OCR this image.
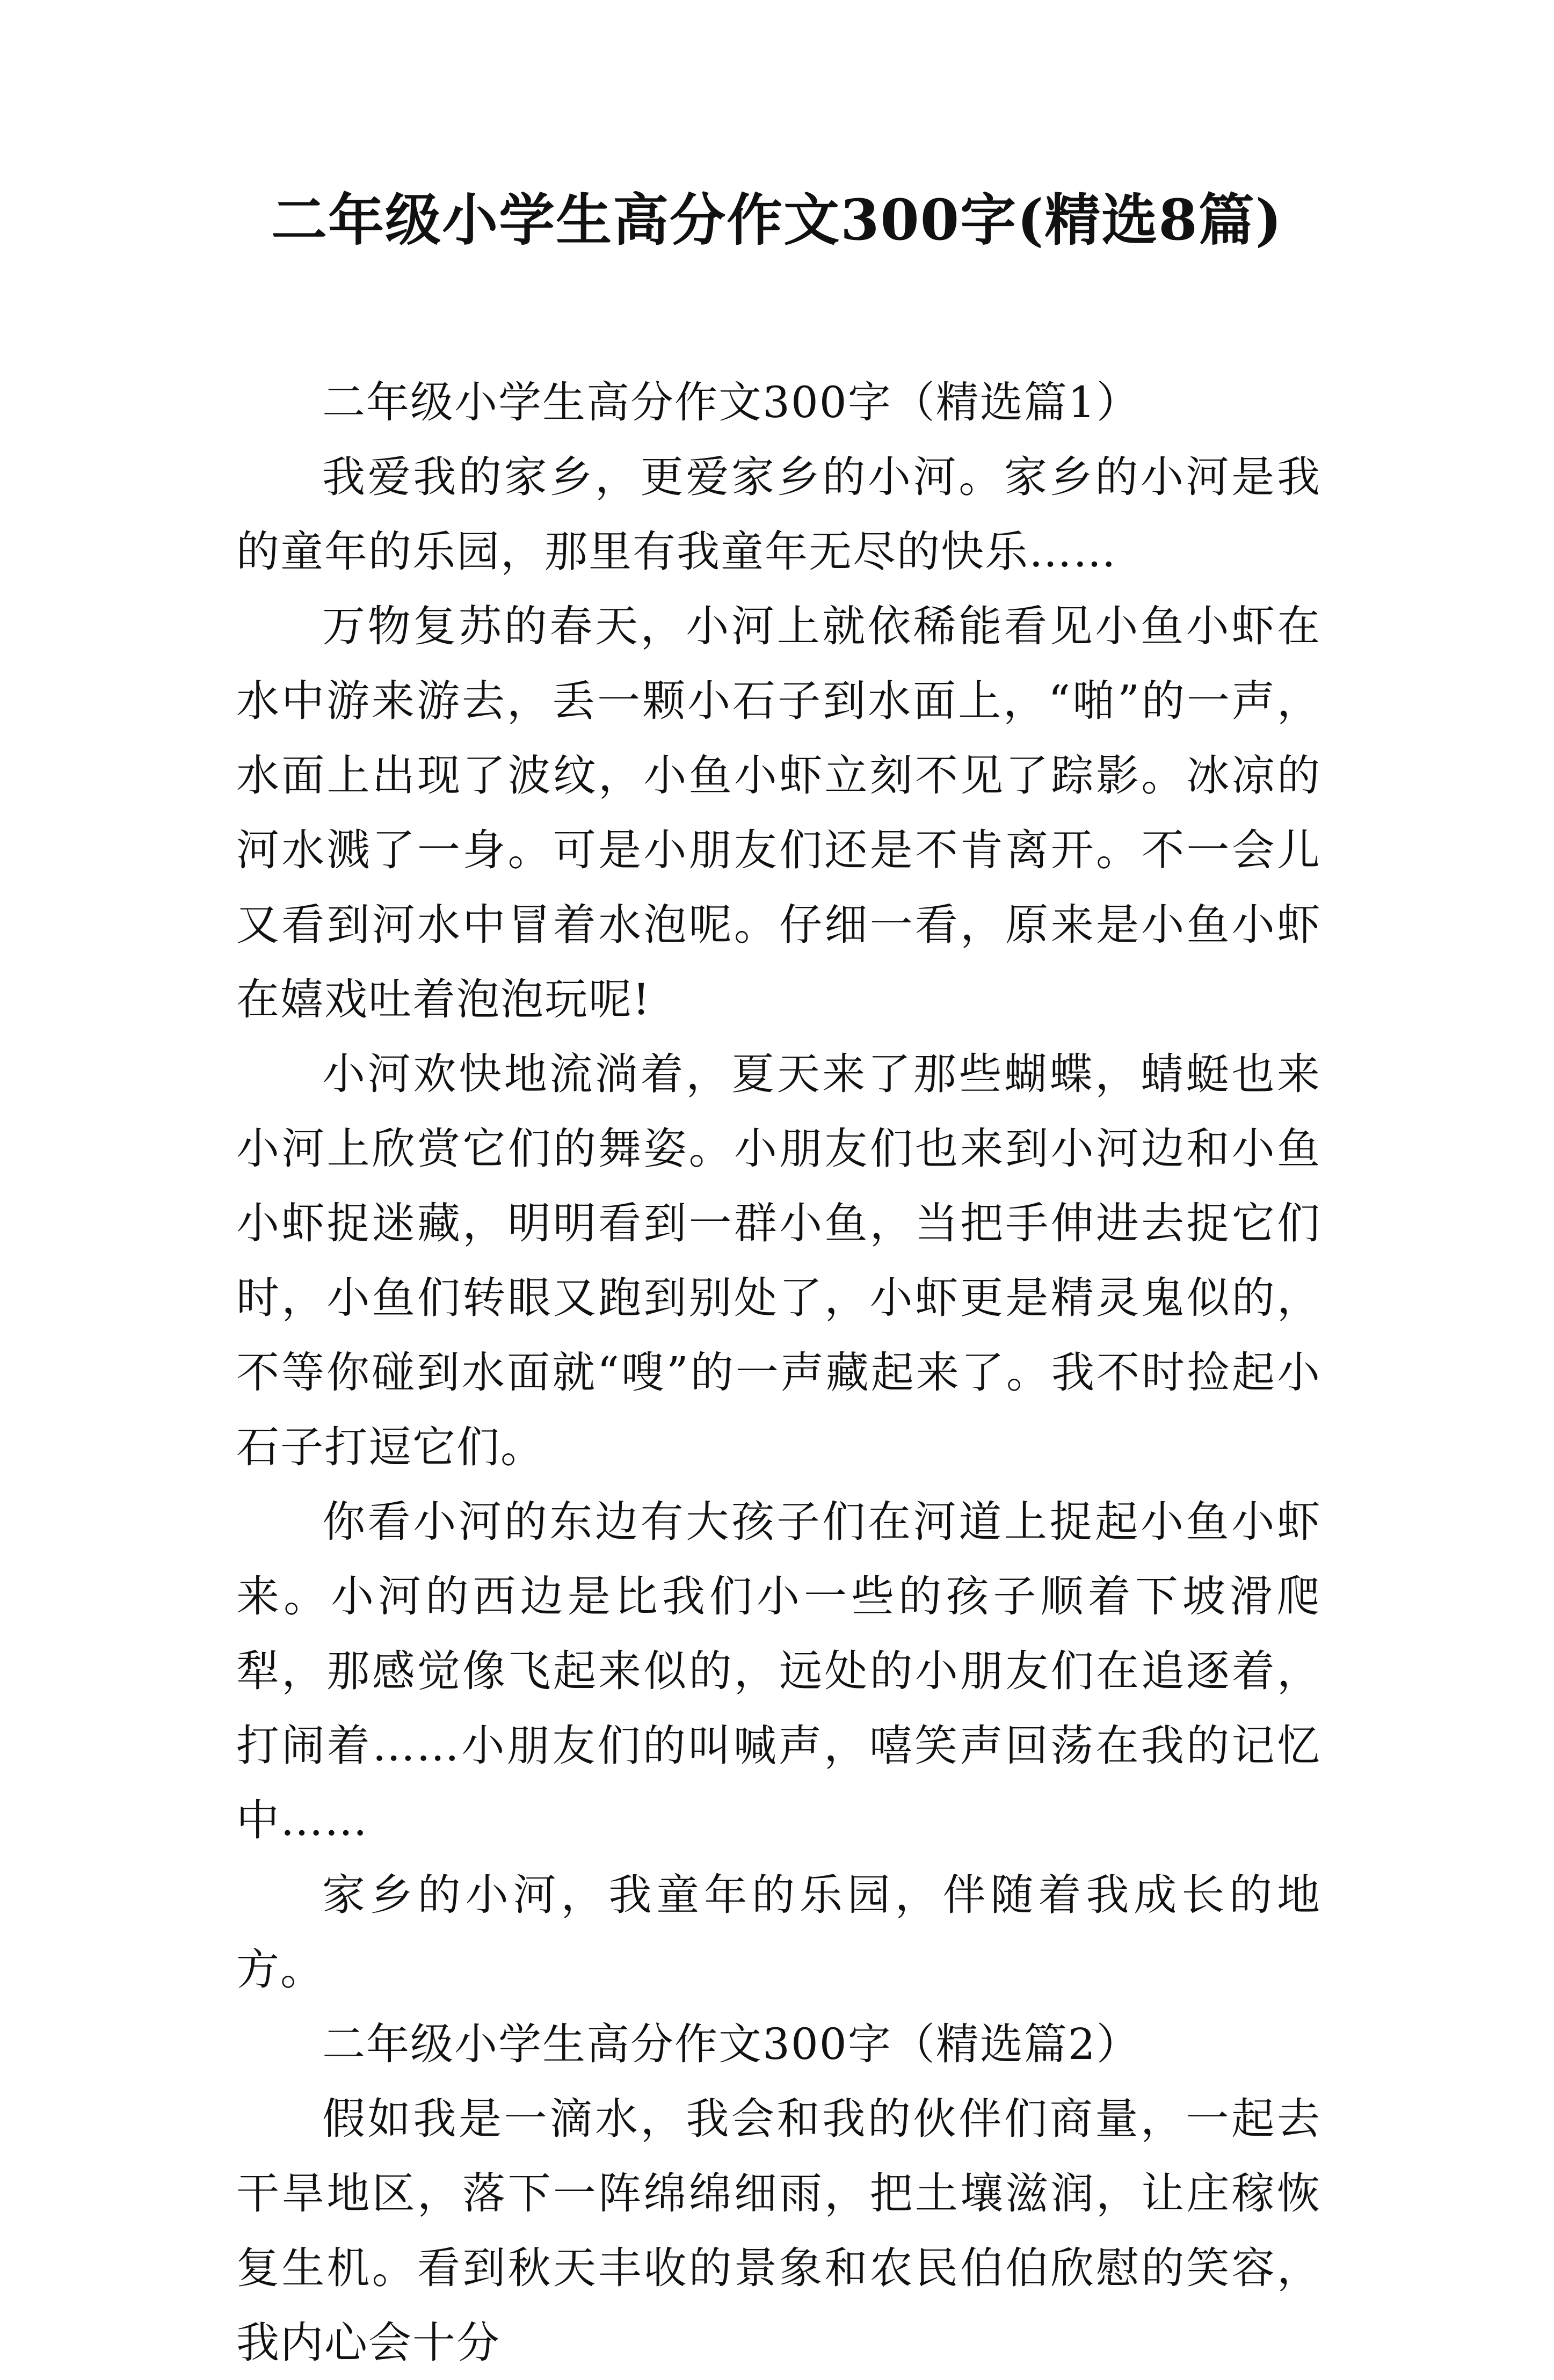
二年级小学生高分作文300字(精选8篇)

二年级小学生高分作文300字（精选篇1）

我爱我的家乡，更爱家乡的小河。家乡的小河是我的童年的乐园，那里有我童年无尽的快乐……

万物复苏的春天，小河上就依稀能看见小鱼小虾在水中游来游去，丢一颗小石子到水面上，“啪”的一声，水面上出现了波纹，小鱼小虾立刻不见了踪影。冰凉的河水溅了一身。可是小朋友们还是不肯离开。不一会儿又看到河水中冒着水泡呢。仔细一看，原来是小鱼小虾在嬉戏吐着泡泡玩呢!

小河欢快地流淌着，夏天来了那些蝴蝶，蜻蜓也来小河上欣赏它们的舞姿。小朋友们也来到小河边和小鱼小虾捉迷藏，明明看到一群小鱼，当把手伸进去捉它们时，小鱼们转眼又跑到别处了，小虾更是精灵鬼似的，不等你碰到水面就“嗖”的一声藏起来了。我不时捡起小石子打逗它们。

你看小河的东边有大孩子们在河道上捉起小鱼小虾来。小河的西边是比我们小一些的孩子顺着下坡滑爬犁，那感觉像飞起来似的，远处的小朋友们在追逐着，打闹着……小朋友们的叫喊声，嘻笑声回荡在我的记忆中……

家乡的小河，我童年的乐园，伴随着我成长的地方。

二年级小学生高分作文300字（精选篇2）

假如我是一滴水，我会和我的伙伴们商量，一起去干旱地区，落下一阵绵绵细雨，把土壤滋润，让庄稼恢复生机。看到秋天丰收的景象和农民伯伯欣慰的笑容，我内心会十分
